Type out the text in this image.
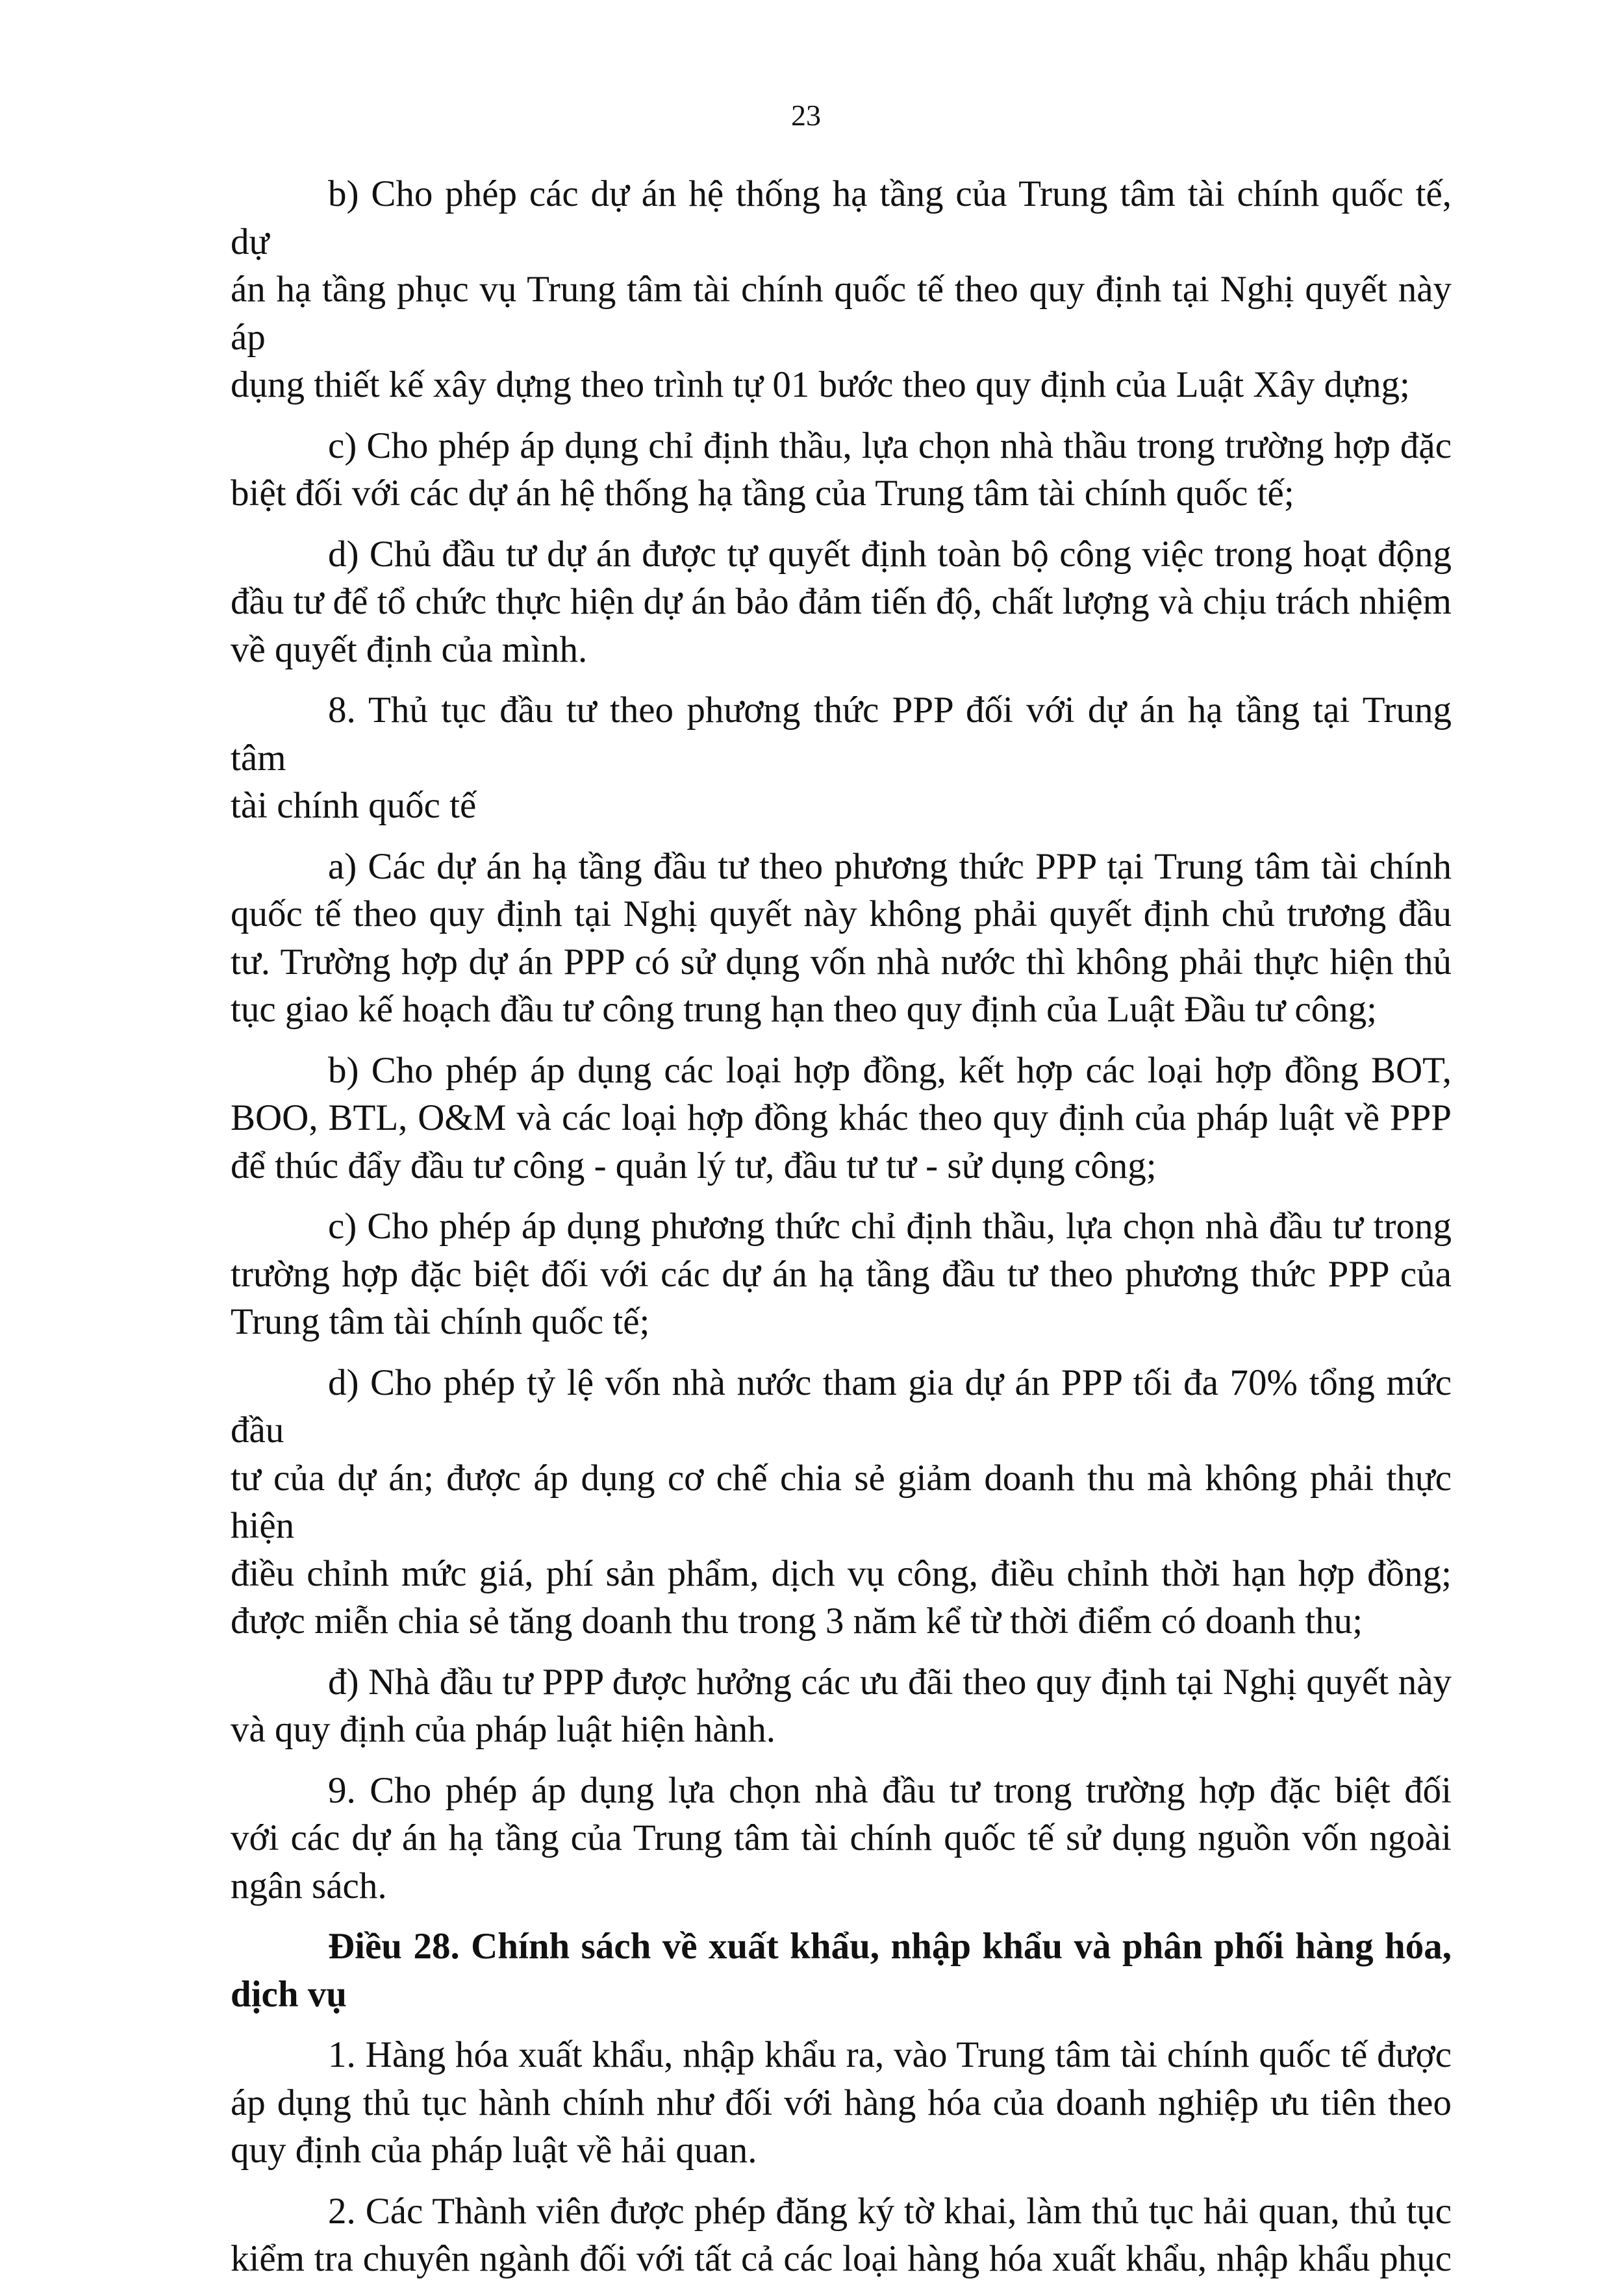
23
b) Cho phép các dự án hệ thống hạ tầng của Trung tâm tài chính quốc tế, dự
án hạ tầng phục vụ Trung tâm tài chính quốc tế theo quy định tại Nghị quyết này áp
dụng thiết kế xây dựng theo trình tự 01 bước theo quy định của Luật Xây dựng;
c) Cho phép áp dụng chỉ định thầu, lựa chọn nhà thầu trong trường hợp đặc
biệt đối với các dự án hệ thống hạ tầng của Trung tâm tài chính quốc tế;
d) Chủ đầu tư dự án được tự quyết định toàn bộ công việc trong hoạt động
đầu tư để tổ chức thực hiện dự án bảo đảm tiến độ, chất lượng và chịu trách nhiệm
về quyết định của mình.
8. Thủ tục đầu tư theo phương thức PPP đối với dự án hạ tầng tại Trung tâm
tài chính quốc tế
a) Các dự án hạ tầng đầu tư theo phương thức PPP tại Trung tâm tài chính
quốc tế theo quy định tại Nghị quyết này không phải quyết định chủ trương đầu
tư. Trường hợp dự án PPP có sử dụng vốn nhà nước thì không phải thực hiện thủ
tục giao kế hoạch đầu tư công trung hạn theo quy định của Luật Đầu tư công;
b) Cho phép áp dụng các loại hợp đồng, kết hợp các loại hợp đồng BOT,
BOO, BTL, O&M và các loại hợp đồng khác theo quy định của pháp luật về PPP
để thúc đẩy đầu tư công - quản lý tư, đầu tư tư - sử dụng công;
c) Cho phép áp dụng phương thức chỉ định thầu, lựa chọn nhà đầu tư trong
trường hợp đặc biệt đối với các dự án hạ tầng đầu tư theo phương thức PPP của
Trung tâm tài chính quốc tế;
d) Cho phép tỷ lệ vốn nhà nước tham gia dự án PPP tối đa 70% tổng mức đầu
tư của dự án; được áp dụng cơ chế chia sẻ giảm doanh thu mà không phải thực hiện
điều chỉnh mức giá, phí sản phẩm, dịch vụ công, điều chỉnh thời hạn hợp đồng;
được miễn chia sẻ tăng doanh thu trong 3 năm kể từ thời điểm có doanh thu;
đ) Nhà đầu tư PPP được hưởng các ưu đãi theo quy định tại Nghị quyết này
và quy định của pháp luật hiện hành.
9. Cho phép áp dụng lựa chọn nhà đầu tư trong trường hợp đặc biệt đối
với các dự án hạ tầng của Trung tâm tài chính quốc tế sử dụng nguồn vốn ngoài
ngân sách.
Điều 28. Chính sách về xuất khẩu, nhập khẩu và phân phối hàng hóa,
dịch vụ
1. Hàng hóa xuất khẩu, nhập khẩu ra, vào Trung tâm tài chính quốc tế được
áp dụng thủ tục hành chính như đối với hàng hóa của doanh nghiệp ưu tiên theo
quy định của pháp luật về hải quan.
2. Các Thành viên được phép đăng ký tờ khai, làm thủ tục hải quan, thủ tục
kiểm tra chuyên ngành đối với tất cả các loại hàng hóa xuất khẩu, nhập khẩu phục
